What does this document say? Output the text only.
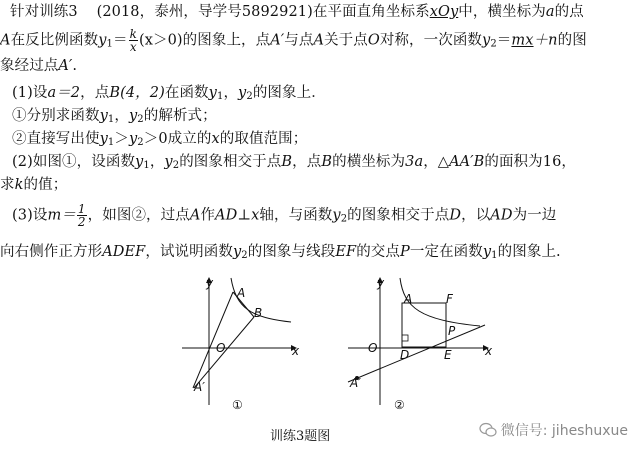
针对训练3 (2018，泰州，导学号5892921)在平面直角坐标系xOy中，横坐标为a的点
A在反比例函数$y_1= \frac{k}{x} (x>0)$的图象上，点A′与点A关于点O对称，一次函数$y_2=mx+n$的图
象经过点A′.
(1)设a＝2，点B(4，2)在函数$y_1$，$y_2$的图象上．
①分别求函数$y_1$，$y_2$的解析式；
②直接写出使$y_1>y_2>0$成立的x的取值范围；
(2)如图①，设函数$y_1$，$y_2$的图象相交于点B，点B的横坐标为3a，△AA′B的面积为16，
求k的值；
(3)设$m= \frac{1}{2}$ ，如图②，过点A作AD⊥x轴，与函数$y_2$的图象相交于点D，以AD为一边
向右侧作正方形ADEF，试说明函数$y_2$的图象与线段EF的交点P一定在函数$y_1$的图象上.
y
x
O
A
B
A′
①
y
x
O
A	F
P
D	E
A′
②
训练3题图	微信号: jiheshuxue
